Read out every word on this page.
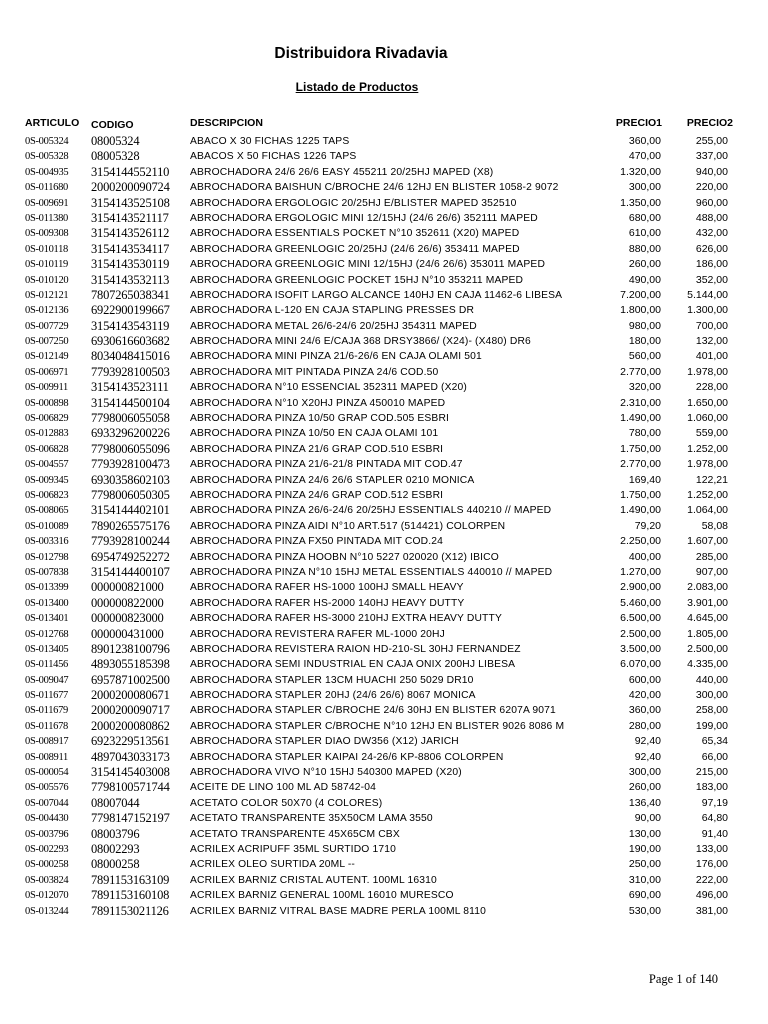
Distribuidora Rivadavia
Listado de Productos
ARTICULO CODIGO	DESCRIPCION	PRECIO1	PRECIO2
0S-005324 08005324	ABACO X 30 FICHAS 1225 TAPS	360,00	255,00
0S-005328 08005328	ABACOS X 50 FICHAS 1226 TAPS	470,00	337,00
0S-004935 3154144552110 ABROCHADORA 24/6 26/6 EASY 455211 20/25HJ MAPED (X8)	1.320,00	940,00
0S-011680 2000200090724 ABROCHADORA BAISHUN C/BROCHE 24/6 12HJ EN BLISTER 1058-2 9072	300,00	220,00
0S-009691 3154143525108 ABROCHADORA ERGOLOGIC 20/25HJ E/BLISTER MAPED 352510	1.350,00	960,00
0S-011380 3154143521117 ABROCHADORA ERGOLOGIC MINI 12/15HJ (24/6 26/6) 352111 MAPED	680,00	488,00
0S-009308 3154143526112 ABROCHADORA ESSENTIALS POCKET N°10 352611 (X20) MAPED	610,00	432,00
0S-010118 3154143534117 ABROCHADORA GREENLOGIC 20/25HJ (24/6 26/6) 353411 MAPED	880,00	626,00
0S-010119 3154143530119 ABROCHADORA GREENLOGIC MINI 12/15HJ (24/6 26/6) 353011 MAPED	260,00	186,00
0S-010120 3154143532113 ABROCHADORA GREENLOGIC POCKET 15HJ N°10 353211 MAPED	490,00	352,00
0S-012121 7807265038341 ABROCHADORA ISOFIT LARGO ALCANCE 140HJ EN CAJA 11462-6 LIBESA	7.200,00	5.144,00
0S-012136 6922900199667 ABROCHADORA L-120 EN CAJA STAPLING PRESSES DR	1.800,00	1.300,00
0S-007729 3154143543119 ABROCHADORA METAL 26/6-24/6 20/25HJ 354311 MAPED	980,00	700,00
0S-007250 6930616603682 ABROCHADORA MINI 24/6 E/CAJA 368 DRSY3866/ (X24)- (X480) DR6	180,00	132,00
0S-012149 8034048415016 ABROCHADORA MINI PINZA 21/6-26/6 EN CAJA OLAMI 501	560,00	401,00
0S-006971 7793928100503 ABROCHADORA MIT PINTADA PINZA 24/6 COD.50	2.770,00	1.978,00
0S-009911 3154143523111 ABROCHADORA N°10 ESSENCIAL 352311 MAPED (X20)	320,00	228,00
0S-000898 3154144500104 ABROCHADORA N°10 X20HJ PINZA 450010 MAPED	2.310,00	1.650,00
0S-006829 7798006055058 ABROCHADORA PINZA 10/50 GRAP COD.505 ESBRI	1.490,00	1.060,00
0S-012883 6933296200226 ABROCHADORA PINZA 10/50 EN CAJA OLAMI 101	780,00	559,00
0S-006828 7798006055096 ABROCHADORA PINZA 21/6 GRAP COD.510 ESBRI	1.750,00	1.252,00
0S-004557 7793928100473 ABROCHADORA PINZA 21/6-21/8 PINTADA MIT COD.47	2.770,00	1.978,00
0S-009345 6930358602103 ABROCHADORA PINZA 24/6 26/6 STAPLER 0210 MONICA	169,40	122,21
0S-006823 7798006050305 ABROCHADORA PINZA 24/6 GRAP COD.512 ESBRI	1.750,00	1.252,00
0S-008065 3154144402101 ABROCHADORA PINZA 26/6-24/6 20/25HJ ESSENTIALS 440210 // MAPED	1.490,00	1.064,00
0S-010089 7890265575176 ABROCHADORA PINZA AIDI N°10 ART.517 (514421) COLORPEN	79,20	58,08
0S-003316 7793928100244 ABROCHADORA PINZA FX50 PINTADA MIT COD.24	2.250,00	1.607,00
0S-012798 6954749252272 ABROCHADORA PINZA HOOBN N°10 5227 020020 (X12) IBICO	400,00	285,00
0S-007838 3154144400107 ABROCHADORA PINZA N°10 15HJ METAL ESSENTIALS 440010 // MAPED	1.270,00	907,00
0S-013399 000000821000	ABROCHADORA RAFER HS-1000 100HJ SMALL HEAVY	2.900,00	2.083,00
0S-013400 000000822000	ABROCHADORA RAFER HS-2000 140HJ HEAVY DUTTY	5.460,00	3.901,00
0S-013401 000000823000	ABROCHADORA RAFER HS-3000 210HJ EXTRA HEAVY DUTTY	6.500,00	4.645,00
0S-012768 000000431000	ABROCHADORA REVISTERA RAFER ML-1000 20HJ	2.500,00	1.805,00
0S-013405 8901238100796 ABROCHADORA REVISTERA RAION HD-210-SL 30HJ FERNANDEZ	3.500,00	2.500,00
0S-011456 4893055185398 ABROCHADORA SEMI INDUSTRIAL EN CAJA ONIX 200HJ LIBESA	6.070,00	4.335,00
0S-009047 6957871002500 ABROCHADORA STAPLER 13CM HUACHI 250 5029 DR10	600,00	440,00
0S-011677 2000200080671 ABROCHADORA STAPLER 20HJ (24/6 26/6) 8067 MONICA	420,00	300,00
0S-011679 2000200090717 ABROCHADORA STAPLER C/BROCHE 24/6 30HJ EN BLISTER 6207A 9071	360,00	258,00
0S-011678 2000200080862 ABROCHADORA STAPLER C/BROCHE N°10 12HJ EN BLISTER 9026 8086 M	280,00	199,00
0S-008917 6923229513561 ABROCHADORA STAPLER DIAO DW356 (X12) JARICH	92,40	65,34
0S-008911 4897043033173 ABROCHADORA STAPLER KAIPAI 24-26/6 KP-8806 COLORPEN	92,40	66,00
0S-000054 3154145403008 ABROCHADORA VIVO N°10 15HJ 540300 MAPED (X20)	300,00	215,00
0S-005576 7798100571744 ACEITE DE LINO 100 ML AD 58742-04	260,00	183,00
0S-007044 08007044	ACETATO COLOR 50X70 (4 COLORES)	136,40	97,19
0S-004430 7798147152197 ACETATO TRANSPARENTE 35X50CM LAMA 3550	90,00	64,80
0S-003796 08003796	ACETATO TRANSPARENTE 45X65CM CBX	130,00	91,40
0S-002293 08002293	ACRILEX ACRIPUFF 35ML SURTIDO 1710	190,00	133,00
0S-000258 08000258	ACRILEX OLEO SURTIDA 20ML --	250,00	176,00
0S-003824 7891153163109 ACRILEX BARNIZ CRISTAL AUTENT. 100ML 16310	310,00	222,00
0S-012070 7891153160108 ACRILEX BARNIZ GENERAL 100ML 16010 MURESCO	690,00	496,00
0S-013244 7891153021126 ACRILEX BARNIZ VITRAL BASE MADRE PERLA 100ML 8110	530,00	381,00
Page 1 of 140
